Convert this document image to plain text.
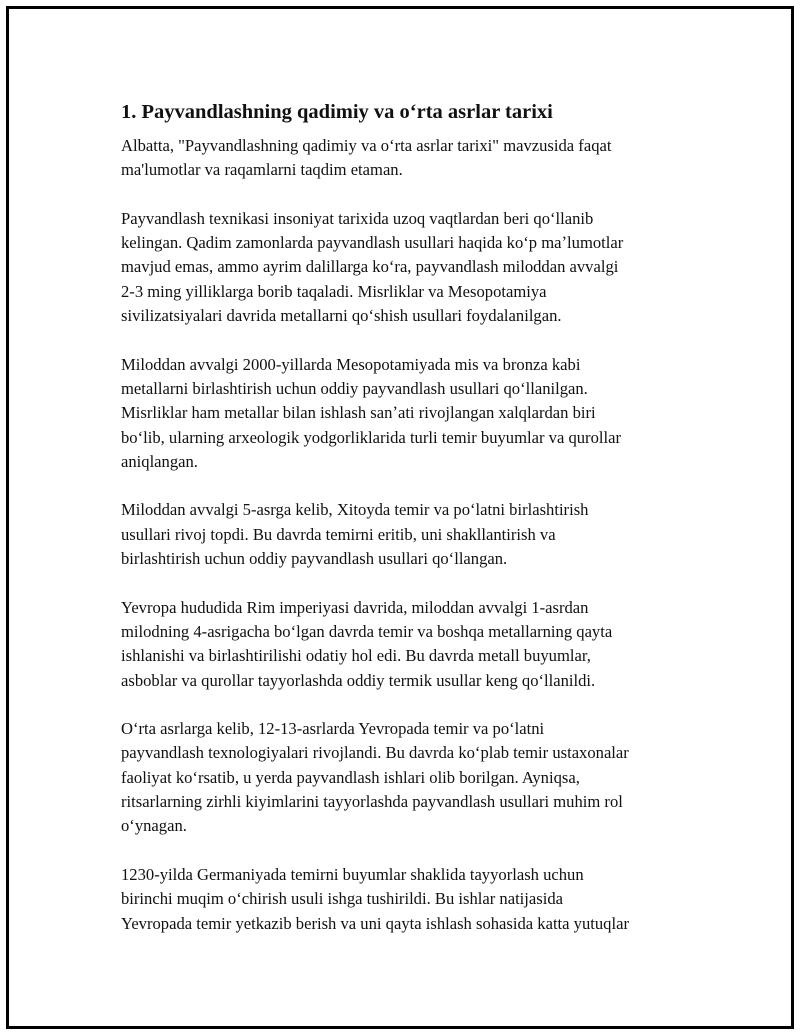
1. Payvandlashning qadimiy va oʻrta asrlar tarixi

Albatta, "Payvandlashning qadimiy va oʻrta asrlar tarixi" mavzusida faqat
ma'lumotlar va raqamlarni taqdim etaman.

Payvandlash texnikasi insoniyat tarixida uzoq vaqtlardan beri qoʻllanib
kelingan. Qadim zamonlarda payvandlash usullari haqida koʻp maʼlumotlar
mavjud emas, ammo ayrim dalillarga koʻra, payvandlash miloddan avvalgi
2-3 ming yilliklarga borib taqaladi. Misrliklar va Mesopotamiya
sivilizatsiyalari davrida metallarni qoʻshish usullari foydalanilgan.

Miloddan avvalgi 2000-yillarda Mesopotamiyada mis va bronza kabi
metallarni birlashtirish uchun oddiy payvandlash usullari qoʻllanilgan.
Misrliklar ham metallar bilan ishlash sanʼati rivojlangan xalqlardan biri
boʻlib, ularning arxeologik yodgorliklarida turli temir buyumlar va qurollar
aniqlangan.

Miloddan avvalgi 5-asrga kelib, Xitoyda temir va poʻlatni birlashtirish
usullari rivoj topdi. Bu davrda temirni eritib, uni shakllantirish va
birlashtirish uchun oddiy payvandlash usullari qoʻllangan.

Yevropa hududida Rim imperiyasi davrida, miloddan avvalgi 1-asrdan
milodning 4-asrigacha boʻlgan davrda temir va boshqa metallarning qayta
ishlanishi va birlashtirilishi odatiy hol edi. Bu davrda metall buyumlar,
asboblar va qurollar tayyorlashda oddiy termik usullar keng qoʻllanildi.

Oʻrta asrlarga kelib, 12-13-asrlarda Yevropada temir va poʻlatni
payvandlash texnologiyalari rivojlandi. Bu davrda koʻplab temir ustaxonalar
faoliyat koʻrsatib, u yerda payvandlash ishlari olib borilgan. Ayniqsa,
ritsarlarning zirhli kiyimlarini tayyorlashda payvandlash usullari muhim rol
oʻynagan.

1230-yilda Germaniyada temirni buyumlar shaklida tayyorlash uchun
birinchi muqim oʻchirish usuli ishga tushirildi. Bu ishlar natijasida
Yevropada temir yetkazib berish va uni qayta ishlash sohasida katta yutuqlar
